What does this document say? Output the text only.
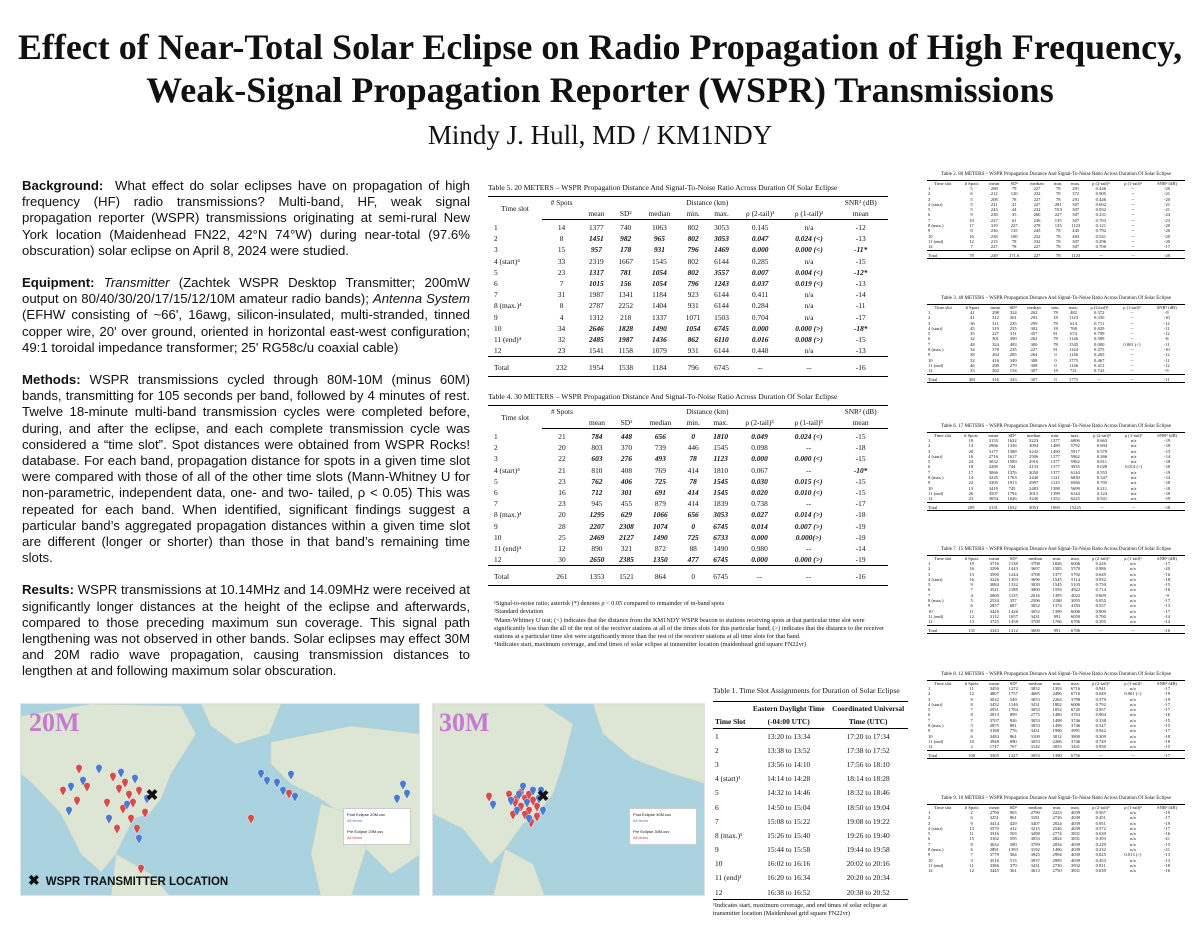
Effect of Near-Total Solar Eclipse on Radio Propagation of High Frequency, Weak-Signal Propagation Reporter (WSPR) Transmissions
Mindy J. Hull, MD / KM1NDY

Background: What effect do solar eclipses have on propagation of high frequency (HF) radio transmissions? Multi-band, HF, weak signal propagation reporter (WSPR) transmissions originating at semi-rural New York location (Maidenhead FN22, 42°N 74°W) during near-total (97.6% obscuration) solar eclipse on April 8, 2024 were studied.

Equipment: Transmitter (Zachtek WSPR Desktop Transmitter; 200mW output on 80/40/30/20/17/15/12/10M amateur radio bands); Antenna System (EFHW consisting of ~66', 16awg, silicon-insulated, multi-stranded, tinned copper wire, 20' over ground, oriented in horizontal east-west configuration; 49:1 toroidal impedance transformer; 25' RG58c/u coaxial cable)

Methods: WSPR transmissions cycled through 80M-10M (minus 60M) bands, transmitting for 105 seconds per band, followed by 4 minutes of rest. Twelve 18-minute multi-band transmission cycles were completed before, during, and after the eclipse, and each complete transmission cycle was considered a “time slot”. Spot distances were obtained from WSPR Rocks! database. For each band, propagation distance for spots in a given time slot were compared with those of all of the other time slots (Mann-Whitney U for non-parametric, independent data, one- and two- tailed, ρ < 0.05) This was repeated for each band. When identified, significant findings suggest a particular band’s aggregated propagation distances within a given time slot are different (longer or shorter) than those in that band’s remaining time slots.

Results: WSPR transmissions at 10.14MHz and 14.09MHz were received at significantly longer distances at the height of the eclipse and afterwards, compared to those preceding maximum sun coverage. This signal path lengthening was not observed in other bands. Solar eclipses may effect 30M and 20M radio wave propagation, causing transmission distances to lengthen at and following maximum solar obscuration.

Table 5. 20 METERS – WSPR Propagation Distance And Signal-To-Noise Ratio Across Duration Of Solar Eclipse
Time slot	# Spots	Distance (km)							SNR² (dB)
		mean	SD²	median	min.	max.	ρ (2-tail)³	ρ (1-tail)³	mean
1	14	1377	740	1063	802	3053	0.145	n/a	-12
2	8	1451	982	965	802	3053	0.047	0.024 (<)	-13
3	15	957	178	931	796	1469	0.000	0.000 (<)	-11*
4 (start)⁴	33	2319	1667	1545	802	6144	0.285	n/a	-15
5	23	1317	781	1054	802	3557	0.007	0.004 (<)	-12*
6	7	1015	156	1054	796	1243	0.037	0.019 (<)	-13
7	31	1987	1341	1184	923	6144	0.411	n/a	-14
8 (max.)⁴	8	2787	2252	1404	931	6144	0.284	n/a	-11
9	4	1312	218	1337	1071	1503	0.704	n/a	-17
10	34	2646	1828	1490	1054	6745	0.000	0.000 (>)	-18*
11 (end)⁴	32	2485	1987	1436	862	6110	0.016	0.008 (>)	-15
12	23	1541	1158	1079	931	6144	0.448	n/a	-13
Total	232	1954	1538	1184	796	6745	--	--	-16
Table 4. 30 METERS – WSPR Propagation Distance And Signal-To-Noise Ratio Across Duration Of Solar Eclipse
Time slot	# Spots	Distance (km)							SNR² (dB)
		mean	SD²	median	min.	max.	ρ (2-tail)³	ρ (1-tail)³	mean
1	21	784	448	656	0	1810	0.049	0.024 (<)	-15
2	20	803	370	739	446	1545	0.098	--	-18
3	22	603	276	493	78	1123	0.000	0.000 (<)	-15
4 (start)⁴	21	810	408	769	414	1810	0.067	--	-10*
5	23	762	406	725	78	1545	0.030	0.015 (<)	-15
6	16	712	301	691	414	1545	0.020	0.010 (<)	-15
7	23	945	455	879	414	1839	0.738	--	-17
8 (max.)⁴	20	1295	629	1066	656	3053	0.027	0.014 (>)	-18
9	28	2207	2308	1074	0	6745	0.014	0.007 (>)	-19
10	25	2469	2127	1490	725	6733	0.000	0.000(>)	-19
11 (end)⁴	12	890	321	872	88	1490	0.980	--	-14
12	30	2650	2385	1350	477	6745	0.000	0.000 (>)	-19
Total	261	1353	1521	864	0	6745	--	--	-16
¹Signal-to-noise ratio; asterisk (*) denotes ρ < 0.05 compared to remainder of in-band spots
²Standard deviation
³Mann-Whitney U test; (<) indicates that the distance from the KM1NDY WSPR beacon to stations receiving spots at that particular time slot were significantly less than the all of the rest of the receiver stations at all of the times slots for this particular band; (>) indicates that the distance to the receiver stations at a particular time slot were significantly more than the rest of the receiver stations at all time slots for that band.
⁴Indicates start, maximum coverage, and end times of solar eclipse at transmitter location (maidenhead grid square FN22vr)
Table 1. Time Slot Assignments for Duration of Solar Eclipse
	Eastern Daylight Time	Coordinated Universal
Time Slot	(-04:00 UTC)	Time (UTC)
1	13:20 to 13:34	17:20 to 17:34
2	13:38 to 13:52	17:38 to 17:52
3	13:56 to 14:10	17:56 to 18:10
4 (start)¹	14:14 to 14:28	18:14 to 18:28
5	14:32 to 14:46	18:32 to 18:46
6	14:50 to 15:04	18:50 to 19:04
7	15:08 to 15:22	19:08 to 19:22
8 (max.)¹	15:26 to 15:40	19:26 to 19:40
9	15:44 to 15:58	19:44 to 19:58
10	16:02 to 16:16	20:02 to 20:16
11 (end)¹	16:20 to 16:34	20:20 to 20:34
12	16:38 to 16:52	20:38 to 20:52
¹Indicates start, maximum coverage, and end times of solar eclipse at transmitter location (Maidenhead grid square FN22vr)
Table 2. 80 METERS – WSPR Propagation Distance And Signal-To-Noise Ratio Across Duration Of Solar Eclipse
Time slot	# Spots	mean	SD²	median	min.	max.	ρ (2-tail)³	ρ (1-tail)³	SNR² (dB)
1	5	208	79	227	78	291	0.446	--	-20
2	6	212	120	232	78	372	0.905	--	-21
3	5	208	78	227	78	291	0.446	--	-20
4 (start)	5	221	41	227	281	307	0.692	--	-21
5	5	243	44	232	78.5	307	0.932	--	-21
6	9	238	35	260	227	307	0.231	--	-24
7	10	227	61	236	135	307	0.703	--	-23
8 (max.)	17	319	227	278	135	1123	0.121	--	-20
9	8	236	135	245	78	445	0.792	--	-20
10	16	238	100	232	78	483	0.541	--	-20
11 (end)	12	215	78	232	78	307	0.296	--	-20
12	7	227	78	227	78	307	0.700	--	-17
Total	78	249	171.6	227	78	1123	--	--	-20
Table 3. 40 METERS – WSPR Propagation Distance And Signal-To-Noise Ratio Across Duration Of Solar Eclipse
Time slot	# Spots	mean	SD²	median	min.	max.	ρ (2-tail)³	ρ (1-tail)³	SNR² (dB)
1	41	298	324	262	78	482	0.372	--	-9
2	41	312	301	293	18	1123	0.330	--	-10
3	36	311	235	299	78	614	0.711	--	-12
4 (start)	45	319	255	302	18	768	0.829	--	-11
5	35	227	311	457	91	674	0.799	--	-12
6	32	301	390	262	78	1146	0.589	--	-8
7	48	324	483	300	78	1545	0.000	0.001 (<)	-11
8 (max.)	34	378	235	227	91	1144	0.475	--	-10
9	38	264	285	264	0	1146	0.265	--	-12
10	52	416	349	308	0	1775	0.467	--	-11
11 (end)	46	290	279	308	0	1146	0.412	--	-12
12	33	302	154	307	18	721	0.743	--	-9
Total	481	316	343	307	0	1775	--	--	-11
Table 6. 17 METERS – WSPR Propagation Distance And Signal-To-Noise Ratio Across Duration Of Solar Eclipse
Time slot	# Spots	mean	SD²	median	min.	max.	ρ (2-tail)³	ρ (1-tail)³	SNR² (dB)
1	18	3155	1632	3223	1377	6006	0.663	n/a	-19
2	14	2966	1336	3094	1489	5792	0.694	n/a	-18
3	20	3177	1388	3242	1490	5917	0.579	n/a	-15
4 (start)	16	2716	1617	2506	1377	5962	0.266	n/a	-14
5	24	3032	1589	2916	1377	5962	0.811	n/a	-18
6	18	2280	744	2133	1377	3935	0.028	0.014 (<)	-18
7	17	3066	1376	3050	1377	6144	0.553	n/a	-19
8 (max.)	14	3245	1763	2440	1121	6030	0.347	n/a	-14
9	22	3305	1913	2997	1125	6566	0.705	n/a	-18
10	13	3419	745	2483	1398	5699	0.211	n/a	-18
11 (end)	26	3507	1794	3015	1399	6144	0.124	n/a	-18
12	23	3054	1626	3240	1352	6225	0.941	n/a	-19
Total	209	3131	1632	3053	1069	15225	--	--	-18
Table 7. 15 METERS – WSPR Propagation Distance And Signal-To-Noise Ratio Across Duration Of Solar Eclipse
Time slot	# Spots	mean	SD²	median	min.	max.	ρ (2-tail)³	ρ (1-tail)³	SNR² (dB)
1	19	3716	1138	3708	1826	6006	0.226	n/a	-17
2	16	3296	1443	3607	1585	5570	0.986	n/a	-20
3	13	3590	1244	3708	1377	5792	0.649	n/a	-16
4 (start)	16	3226	1393	3696	1545	5114	0.932	n/a	-18
5	9	3084	1332	3039	1545	5103	0.750	n/a	-15
6	7	3521	1188	3800	1593	4922	0.714	n/a	-16
7	4	2060	1135	2016	1395	4022	0.609	n/a	-9
8 (max.)	5	2534	357	2506	2188	3055	0.055	n/a	-17
9	6	2857	687	3052	1374	4183	0.557	n/a	-13
10	11	3426	1426	3052	1399	6006	0.900	n/a	-17
11 (end)	12	3112	1657	3431	991	6059	0.700	n/a	-14
12	13	3725	1458	3708	1766	6706	0.395	n/a	-14
Total	131	3343	1312	3600	991	6706	--	--	-16
Table 8. 12 METERS – WSPR Propagation Distance And Signal-To-Noise Ratio Across Duration Of Solar Eclipse
Time slot	# Spots	mean	SD²	median	min.	max.	ρ (2-tail)³	ρ (1-tail)³	SNR² (dB)
1	11	3450	1272	3052	1393	6716	0.941	n/a	-17
2	12	4807	1757	4685	2496	6716	0.049	0.001 (<)	-19
3	8	3032	549	3053	2264	3798	0.379	n/a	-19
4 (start)	8	3452	1146	3431	1802	6006	0.792	n/a	-17
5	7	2931	1784	3053	1052	6745	0.957	n/a	-17
6	8	2813	899	2775	1480	3763	0.904	n/a	-16
7	7	3707	926	3053	1498	3746	0.338	n/a	-15
8 (max.)	5	2875	881	3053	1498	3746	0.347	n/a	-15
9	8	3188	776	3431	1996	3991	0.942	n/a	-17
10	6	3484	861	3100	3012	3800	0.309	n/a	-18
11 (end)	10	3948	890	3053	2266	3746	0.749	n/a	-18
12	2	1747	767	3142	3053	3431	0.950	n/a	-15
Total	100	3305	1227	3053	1390	6756	--	--	-17
Table 9. 10 METERS – WSPR Propagation Distance And Signal-To-Noise Ratio Across Duration Of Solar Eclipse
Time slot	# Spots	mean	SD²	median	min.	max.	ρ (2-tail)³	ρ (1-tail)³	SNR² (dB)
1	2	2790	965	2790	2223	4039	0.567	n/a	-19
2	6	3251	861	3181	2726	4039	0.451	n/a	-17
3	9	3414	429	3407	2824	4039	0.951	n/a	-19
4 (start)	13	3570	412	3215	2546	4039	0.572	n/a	-17
5	11	3316	503	3498	2774	3831	0.639	n/a	-16
6	15	3162	595	3053	2824	3831	0.393	n/a	-21
7	8	3632	580	3799	2834	4039	0.229	n/a	-15
8 (max.)	6	2891	1393	3192	1496	4039	0.232	n/a	-21
9	7	3779	364	3925	2994	4039	0.025	0.013 (>)	-13
10	3	3516	515	3937	2995	4039	0.453	n/a	-13
11 (end)	11	3386	379	3431	2730	3932	0.811	n/a	-18
12	12	3445	361	3613	2750	3831	0.639	n/a	-16
✖
20M
Post Eclipse 20M.csv
All items
Pre Eclipse 20M.csv
All items
✖
30M
Post Eclipse 30M.csv
All items
Pre Eclipse 30M.csv
All items
✖ WSPR TRANSMITTER LOCATION
